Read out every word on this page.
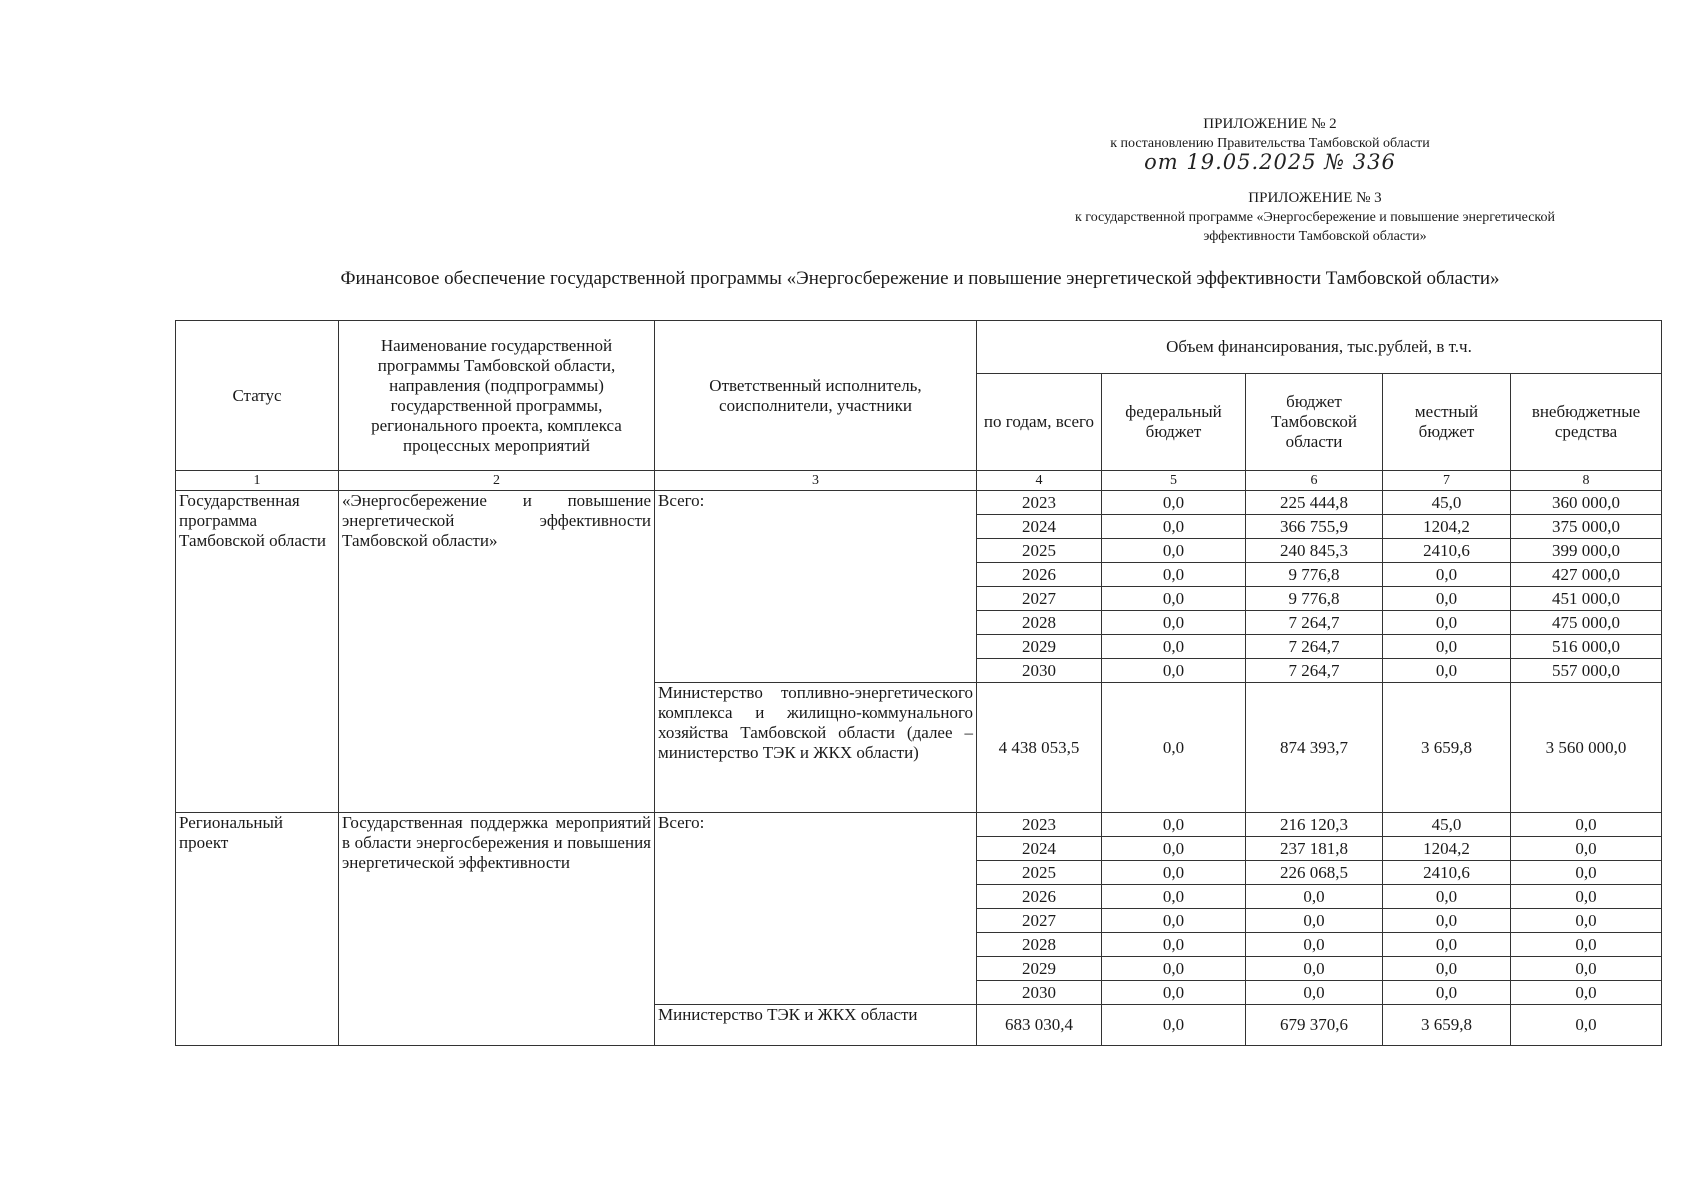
ПРИЛОЖЕНИЕ № 2
к постановлению Правительства Тамбовской области
от 19.05.2025 № 336
ПРИЛОЖЕНИЕ № 3
к государственной программе «Энергосбережение и повышение энергетической
эффективности Тамбовской области»
Финансовое обеспечение государственной программы «Энергосбережение и повышение энергетической эффективности Тамбовской области»
Статус	Наименование государственной программы Тамбовской области, направления (подпрограммы) государственной программы, регионального проекта, комплекса процессных мероприятий	Ответственный исполнитель, соисполнители, участники	Объем финансирования, тыс.рублей, в т.ч.				
			по годам, всего	федеральный бюджет	бюджет Тамбовской области	местный бюджет	внебюджетные средства
1	2	3	4	5	6	7	8
Государственная программа Тамбовской области	«Энергосбережение и повышение энергетической эффективности Тамбовской области»	Всего:	2023	0,0	225 444,8	45,0	360 000,0
			2024	0,0	366 755,9	1204,2	375 000,0
			2025	0,0	240 845,3	2410,6	399 000,0
			2026	0,0	9 776,8	0,0	427 000,0
			2027	0,0	9 776,8	0,0	451 000,0
			2028	0,0	7 264,7	0,0	475 000,0
			2029	0,0	7 264,7	0,0	516 000,0
			2030	0,0	7 264,7	0,0	557 000,0
		Министерство топливно-энергетического комплекса и жилищно-коммунального хозяйства Тамбовской области (далее – министерство ТЭК и ЖКХ области)	4 438 053,5	0,0	874 393,7	3 659,8	3 560 000,0
Региональный проект	Государственная поддержка мероприятий в области энергосбережения и повышения энергетической эффективности	Всего:	2023	0,0	216 120,3	45,0	0,0
			2024	0,0	237 181,8	1204,2	0,0
			2025	0,0	226 068,5	2410,6	0,0
			2026	0,0	0,0	0,0	0,0
			2027	0,0	0,0	0,0	0,0
			2028	0,0	0,0	0,0	0,0
			2029	0,0	0,0	0,0	0,0
			2030	0,0	0,0	0,0	0,0
		Министерство ТЭК и ЖКХ области	683 030,4	0,0	679 370,6	3 659,8	0,0
